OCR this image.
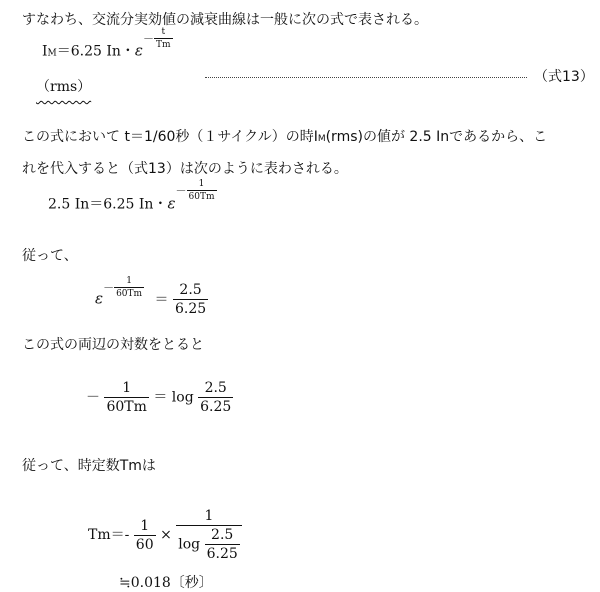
すなわち、交流分実効値の減衰曲線は一般に次の式で表される。
IM＝6.25 In・$\varepsilon- \frac{t}{Tm}$
（rms）
（式13）
この式において t＝1/60秒（１サイクル）の時IM(rms)の値が 2.5 Inであるから、こ
れを代入すると（式13）は次のように表わされる。
2.5 In＝6.25 In・$\varepsilon- \frac{1}{60Tm}$
従って、
$\varepsilon- \frac{1}{60Tm}$
＝ $\frac{2.5}{6.25}$
この式の両辺の対数をとると
－ $\frac{1}{60Tm} = \log \frac{2.5}{6.25}$
従って、時定数Tmは
$Tm=- \frac{1}{60} \times \frac{1}{\log \frac{2.5}{6.25}}$
≒0.018〔秒〕
